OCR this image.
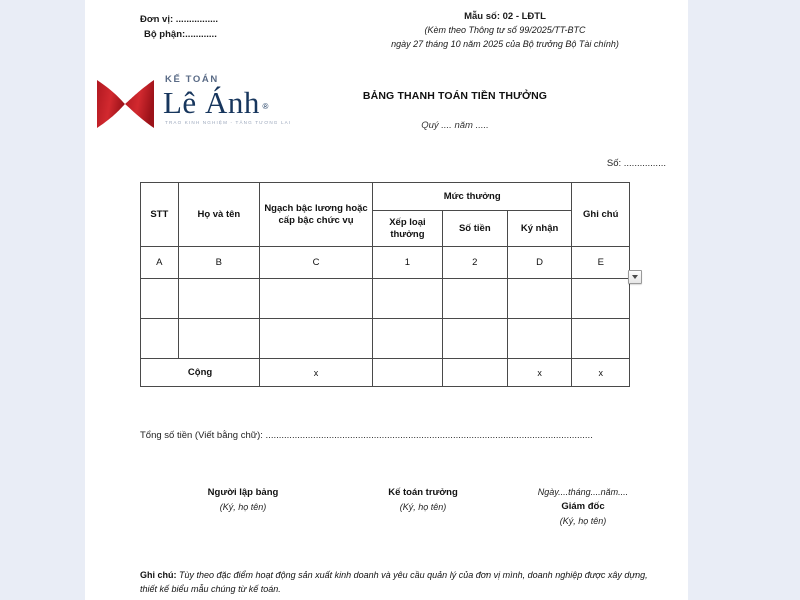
Đơn vị: ................
Bộ phận:............
Mẫu số: 02 - LĐTL
(Kèm theo Thông tư số 99/2025/TT-BTC
ngày 27 tháng 10 năm 2025 của Bộ trưởng Bộ Tài chính)
KẾ TOÁN
Lê Ánh ®
TRAO KINH NGHIỆM - TĂNG TƯƠNG LAI
BẢNG THANH TOÁN TIỀN THƯỞNG
Quý .... năm .....
Số: ................
STT	Họ và tên	Ngạch bậc lương hoặc cấp bậc chức vụ	Mức thưởng			Ghi chú
			Xếp loại thưởng	Số tiền	Ký nhận	
A	B	C	1	2	D	E

Cộng		x			x	x
Tổng số tiền (Viết bằng chữ): ............................................................................................................................
Người lập bảng
(Ký, họ tên)
Kế toán trưởng
(Ký, họ tên)
Ngày....tháng....năm....
Giám đốc
(Ký, họ tên)
Ghi chú: Tùy theo đặc điểm hoạt động sản xuất kinh doanh và yêu cầu quản lý của đơn vị mình, doanh nghiệp được xây dựng, thiết kế biểu mẫu chúng từ kế toán.
